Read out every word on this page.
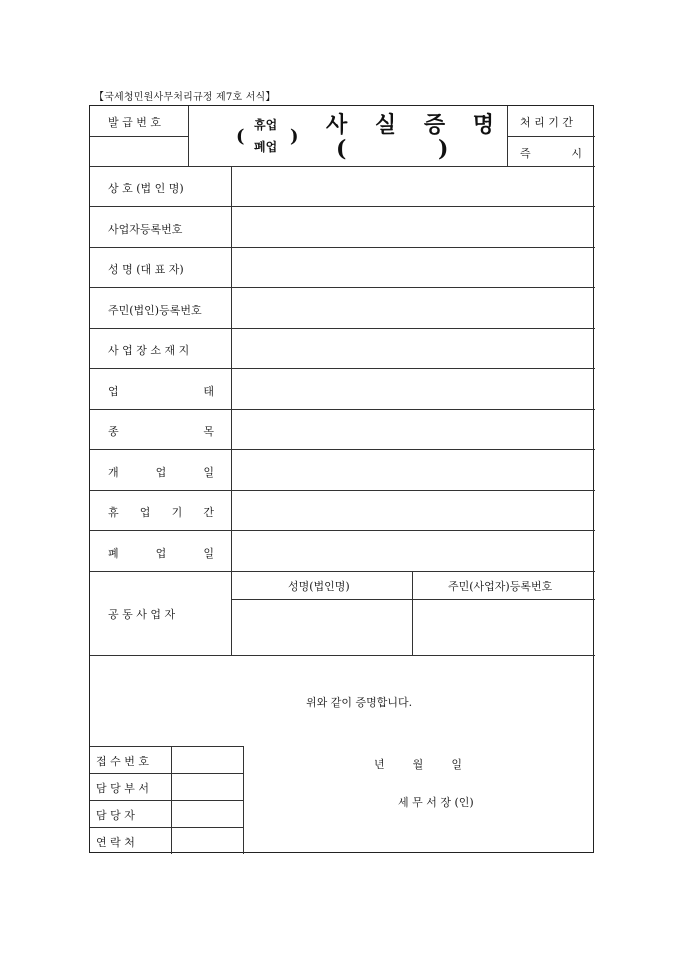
【국세청민원사무처리규정 제7호 서식】
발 급 번 호
(
휴업
폐업 ) 사 실 증 명
(	)
처 리 기 간
즉	시
상 호 (법 인 명)
사업자등록번호
성 명 (대 표 자)
주민(법인)등록번호
사 업 장 소 재 지
업	태
종	목
개	업	일
휴 업 기 간
폐	업	일
공 동 사 업 자
성명(법인명)	주민(사업자)등록번호
위와 같이 증명합니다.
년	월	일
세 무 서 장 (인)
접 수 번 호
담 당 부 서
담 당 자
연 락 처
